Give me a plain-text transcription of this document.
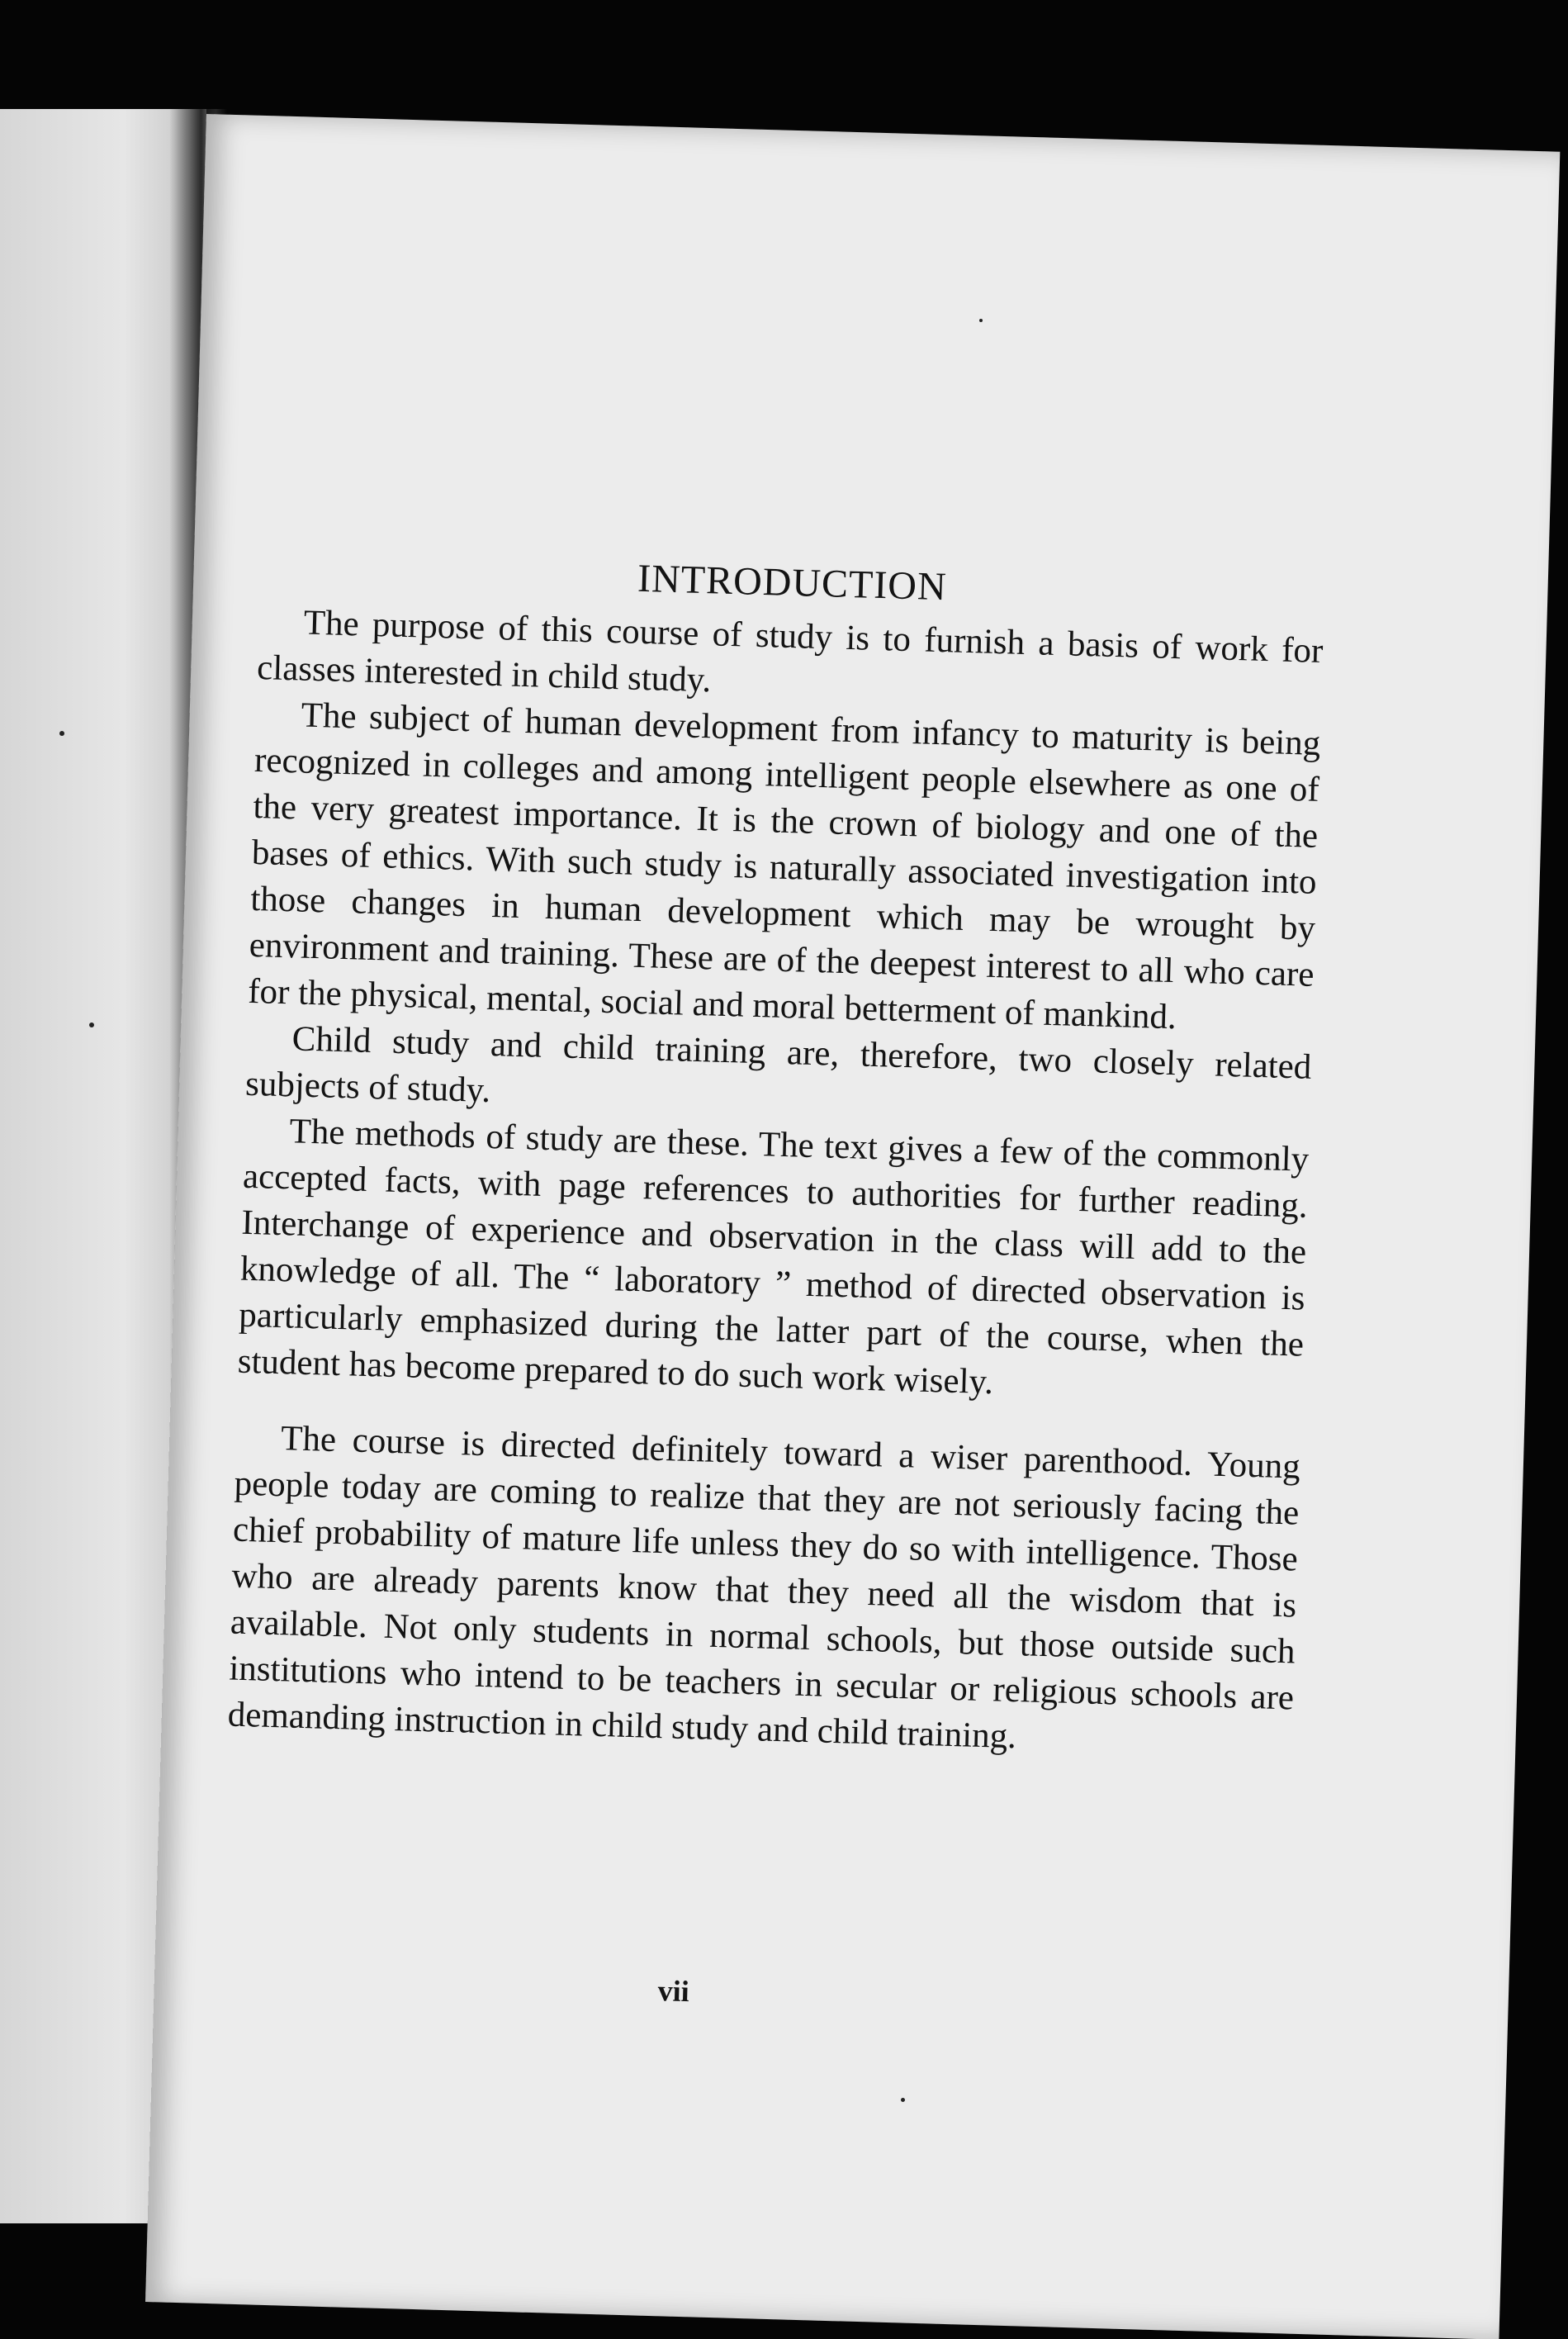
INTRODUCTION

The purpose of this course of study is to furnish a basis of work for classes interested in child study.

The subject of human development from infancy to maturity is being recognized in colleges and among intelligent people elsewhere as one of the very greatest importance. It is the crown of biology and one of the bases of ethics. With such study is naturally associated investigation into those changes in human development which may be wrought by environment and training. These are of the deepest interest to all who care for the physical, mental, social and moral betterment of mankind.

Child study and child training are, therefore, two closely related subjects of study.

The methods of study are these. The text gives a few of the commonly accepted facts, with page references to authorities for further reading. Interchange of experience and observation in the class will add to the knowledge of all. The “ laboratory ” method of directed observation is particularly emphasized during the latter part of the course, when the student has become prepared to do such work wisely.

The course is directed definitely toward a wiser parenthood. Young people today are coming to realize that they are not seriously facing the chief probability of mature life unless they do so with intelligence. Those who are already parents know that they need all the wisdom that is available. Not only students in normal schools, but those outside such institutions who intend to be teachers in secular or religious schools are demanding instruction in child study and child training.

vii
